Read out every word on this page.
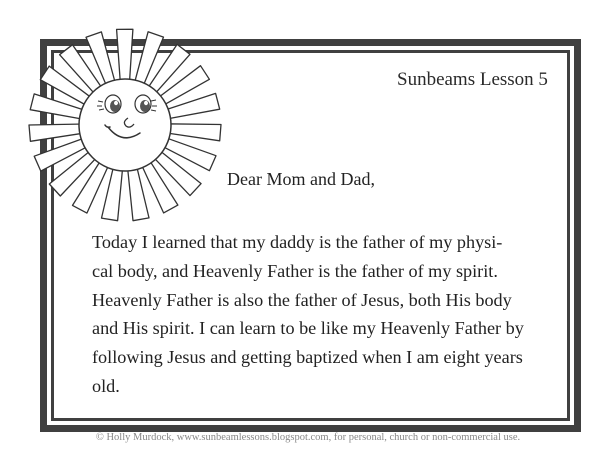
Sunbeams Lesson 5
Dear Mom and Dad,
Today I learned that my daddy is the father of my physi-
cal body, and Heavenly Father is the father of my spirit.
Heavenly Father is also the father of Jesus, both His body
and His spirit. I can learn to be like my Heavenly Father by
following Jesus and getting baptized when I am eight years
old.
© Holly Murdock, www.sunbeamlessons.blogspot.com, for personal, church or non-commercial use.
